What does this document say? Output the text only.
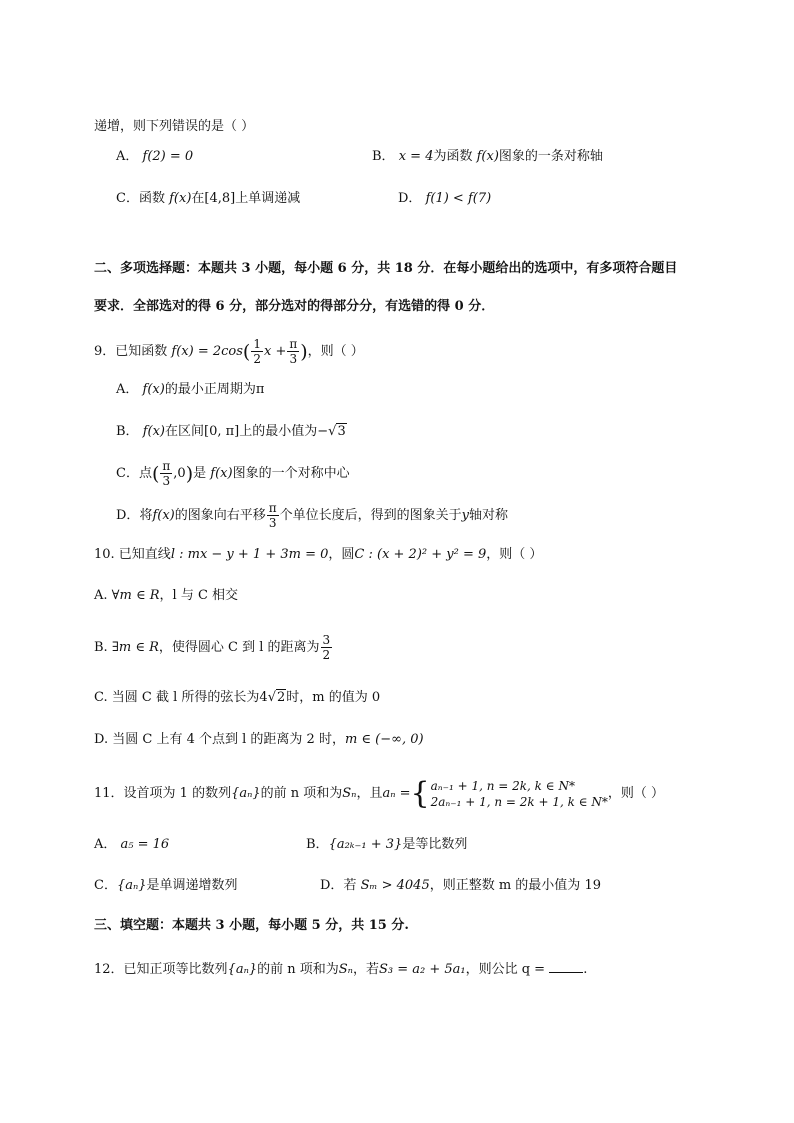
递增，则下列错误的是（ ）
A． f(2) = 0	B． x = 4为函数 f(x)图象的一条对称轴
C．函数 f(x)在[4,8]上单调递减	D． f(1) < f(7)
二、多项选择题：本题共 3 小题，每小题 6 分，共 18 分．在每小题给出的选项中，有多项符合题目
要求．全部选对的得 6 分，部分选对的得部分分，有选错的得 0 分．
9．已知函数 $f(x) = 2\cos( \frac{1}{2}$ $x + \frac{\pi}{3}$ )，则（ ）
A． f(x)的最小正周期为π
B． f(x)在区间[0, π]上的最小值为−√3
C．点( $\frac{\pi}{3} ,0$)是 f(x)图象的一个对称中心
D．将f(x)的图象向右平移 $\frac{\pi}{3}$ 个单位长度后，得到的图象关于y轴对称
10. 已知直线l : mx − y + 1 + 3m = 0，圆C : (x + 2)² + y² = 9，则（ ）
A. ∀m ∈ R，l 与 C 相交
B. ∃m ∈ R，使得圆心 C 到 l 的距离为 $\frac{3}{2}$
C. 当圆 C 截 l 所得的弦长为4√2时，m 的值为 0
D. 当圆 C 上有 4 个点到 l 的距离为 2 时，m ∈ (−∞, 0)
11．设首项为 1 的数列{aₙ}的前 n 项和为Sₙ，且aₙ ={ aₙ₋₁ + 1, n = 2k, k ∈ N*
2aₙ₋₁ + 1, n = 2k + 1, k ∈ N*
，则（ ）
A． a₅ = 16	B．{a₂ₖ₋₁ + 3}是等比数列
C．{aₙ}是单调递增数列	D．若 Sₘ > 4045，则正整数 m 的最小值为 19
三、填空题：本题共 3 小题，每小题 5 分，共 15 分.
12．已知正项等比数列{aₙ}的前 n 项和为Sₙ，若S₃ = a₂ + 5a₁，则公比 q =	.
